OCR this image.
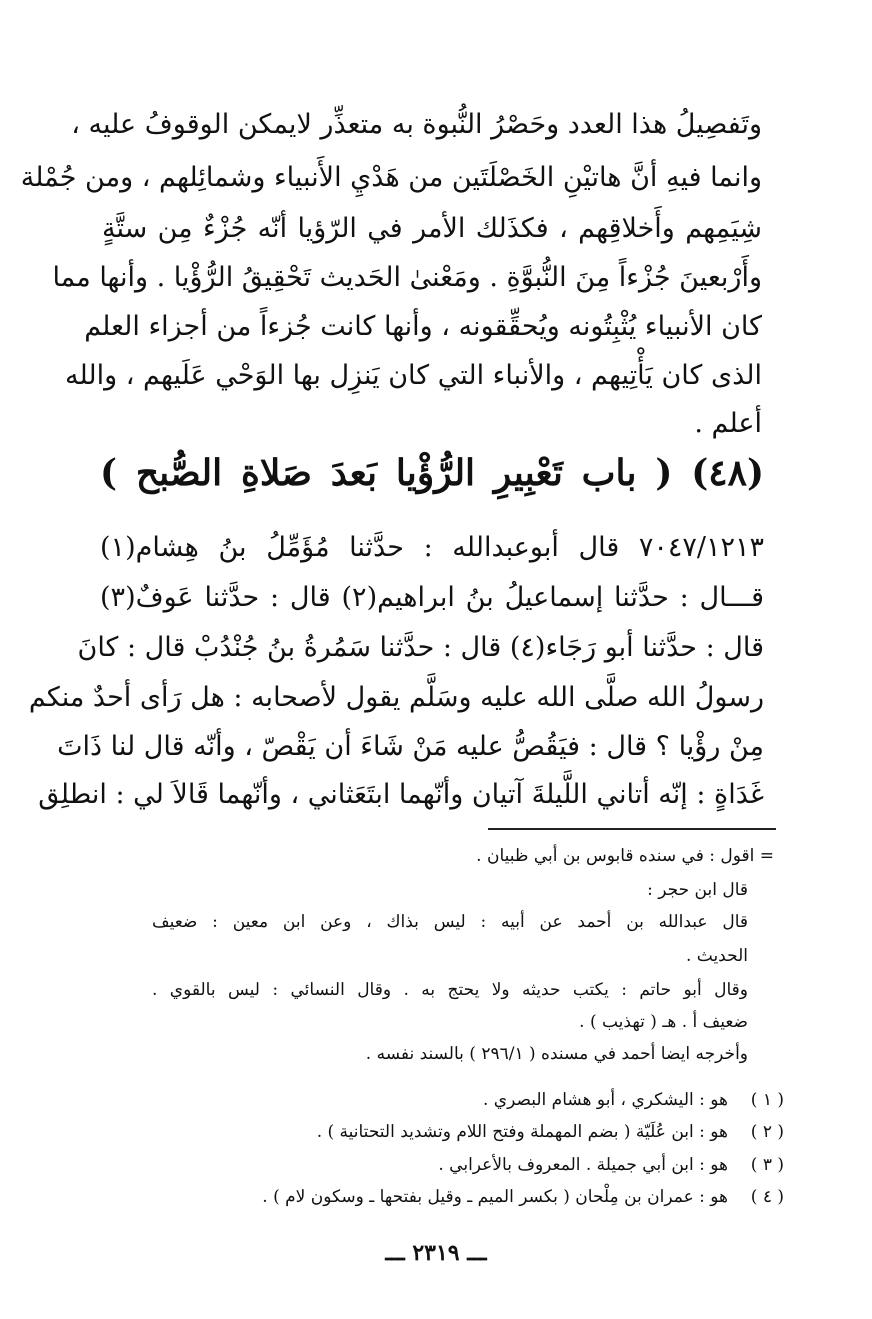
وتَفصِيلُ هذا العدد وحَصْرُ النُّبوة به متعذِّر لايمكن الوقوفُ عليه ،
وانما فيهِ أنَّ هاتيْنِ الخَصْلَتَين من هَدْيِ الأَنبياء وشمائِلهم ، ومن جُمْلة
شِيَمِهم وأَخلاقِهم ، فكذَلك الأمر في الرّؤيا أنّه جُزْءٌ مِن ستَّةٍ
وأَرْبعينَ جُزْءاً مِنَ النُّبوَّةِ . ومَعْنىٰ الحَديث تَحْقِيقُ الرُّؤْيا . وأنها مما
كان الأنبياء يُثْبِتُونه ويُحقِّقونه ، وأنها كانت جُزءاً من أجزاء العلم
الذى كان يَأْتِيهم ، والأنباء التي كان يَنزِل بها الوَحْي عَلَيهم ، والله
أعلم .
(٤٨) ( باب تَعْبِيرِ الرُّؤْيا بَعدَ صَلاةِ الصُّبح )
٧٠٤٧/١٢١٣ قال أبوعبدالله : حدَّثنا مُؤَمِّلُ بنُ هِشام(١)
قـــال : حدَّثنا إسماعيلُ بنُ ابراهيم(٢) قال : حدَّثنا عَوفٌ(٣)
قال : حدَّثنا أبو رَجَاء(٤) قال : حدَّثنا سَمُرةُ بنُ جُنْدُبْ قال : كانَ
رسولُ الله صلَّى الله عليه وسَلَّم يقول لأصحابه : هل رَأى أحدٌ منكم
مِنْ رؤْيا ؟ قال : فيَقُصُّ عليه مَنْ شَاءَ أن يَقْصّ ، وأنّه قال لنا ذَاتَ
غَدَاةٍ : إنّه أتاني اللَّيلةَ آتيان وأنّهما ابتَعَثاني ، وأنّهما قَالاَ لي : انطلِق
= اقول : في سنده قابوس بن أبي ظبيان .
قال ابن حجر :
قال عبدالله بن أحمد عن أبيه : ليس بذاك ، وعن ابن معين : ضعيف
الحديث .
وقال أبو حاتم : يكتب حديثه ولا يحتج به . وقال النسائي : ليس بالقوي .
ضعيف أ . هـ ( تهذيب ) .
وأخرجه ايضا أحمد في مسنده ( ٢٩٦/١ ) بالسند نفسه .
( ١ )
هو : اليشكري ، أبو هشام البصري .
( ٢ )
هو : ابن عُلَيّة ( بضم المهملة وفتح اللام وتشديد التحتانية ) .
( ٣ )
هو : ابن أبي جميلة . المعروف بالأعرابي .
( ٤ )
هو : عمران بن مِلْحان ( بكسر الميم ـ وقيل بفتحها ـ وسكون لام ) .
ـــ ٢٣١٩ ـــ
